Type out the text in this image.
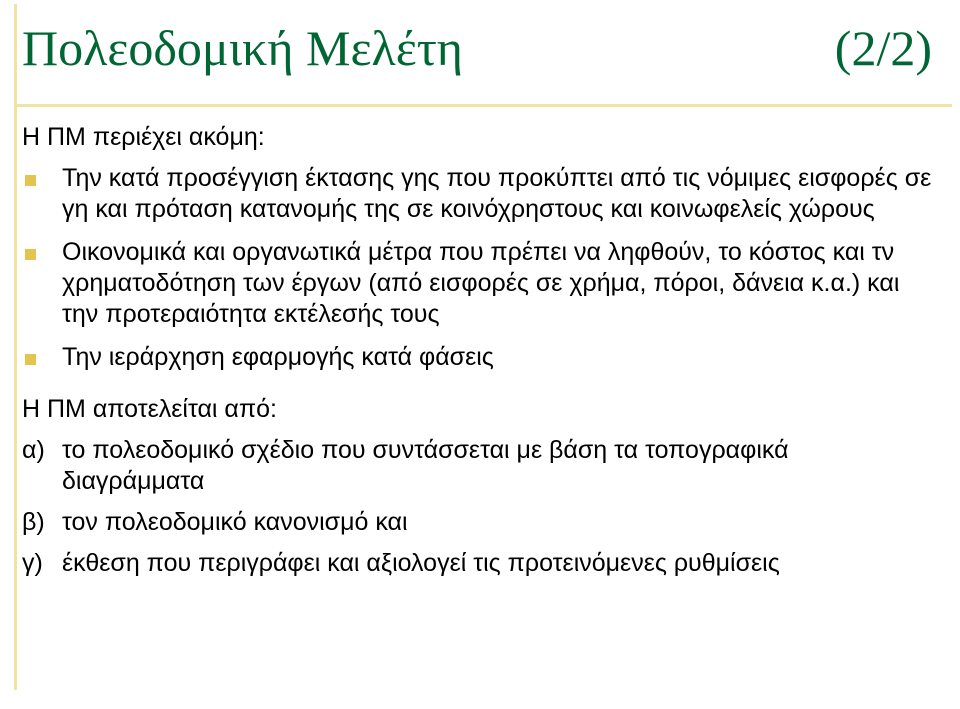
Πολεοδομική Μελέτη	(2/2)

Η ΠΜ περιέχει ακόμη:

Την κατά προσέγγιση έκτασης γης που προκύπτει από τις νόμιμες εισφορές σε γη και πρόταση κατανομής της σε κοινόχρηστους και κοινωφελείς χώρους
Οικονομικά και οργανωτικά μέτρα που πρέπει να ληφθούν, το κόστος και τν χρηματοδότηση των έργων (από εισφορές σε χρήμα, πόροι, δάνεια κ.α.) και την προτεραιότητα εκτέλεσής τους
Την ιεράρχηση εφαρμογής κατά φάσεις

Η ΠΜ αποτελείται από:

α) το πολεοδομικό σχέδιο που συντάσσεται με βάση τα τοπογραφικά διαγράμματα
β) τον πολεοδομικό κανονισμό και
γ) έκθεση που περιγράφει και αξιολογεί τις προτεινόμενες ρυθμίσεις
